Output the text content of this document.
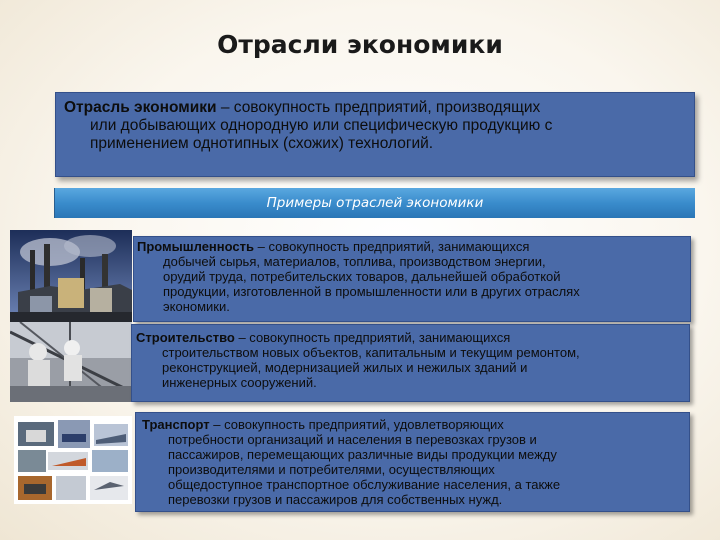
Отрасли экономики
Отрасль экономики – совокупность предприятий, производящих
или добывающих однородную или специфическую продукцию с
применением однотипных (схожих) технологий.
Примеры отраслей экономики
Промышленность – совокупность предприятий, занимающихся
добычей сырья, материалов, топлива, производством энергии,
орудий труда, потребительских товаров, дальнейшей обработкой
продукции, изготовленной в промышленности или в других отраслях
экономики.
Строительство – совокупность предприятий, занимающихся
строительством новых объектов, капитальным и текущим ремонтом,
реконструкцией, модернизацией жилых и нежилых зданий и
инженерных сооружений.
Транспорт – совокупность предприятий, удовлетворяющих
потребности организаций и населения в перевозках грузов и
пассажиров, перемещающих различные виды продукции между
производителями и потребителями, осуществляющих
общедоступное транспортное обслуживание населения, а также
перевозки грузов и пассажиров для собственных нужд.
